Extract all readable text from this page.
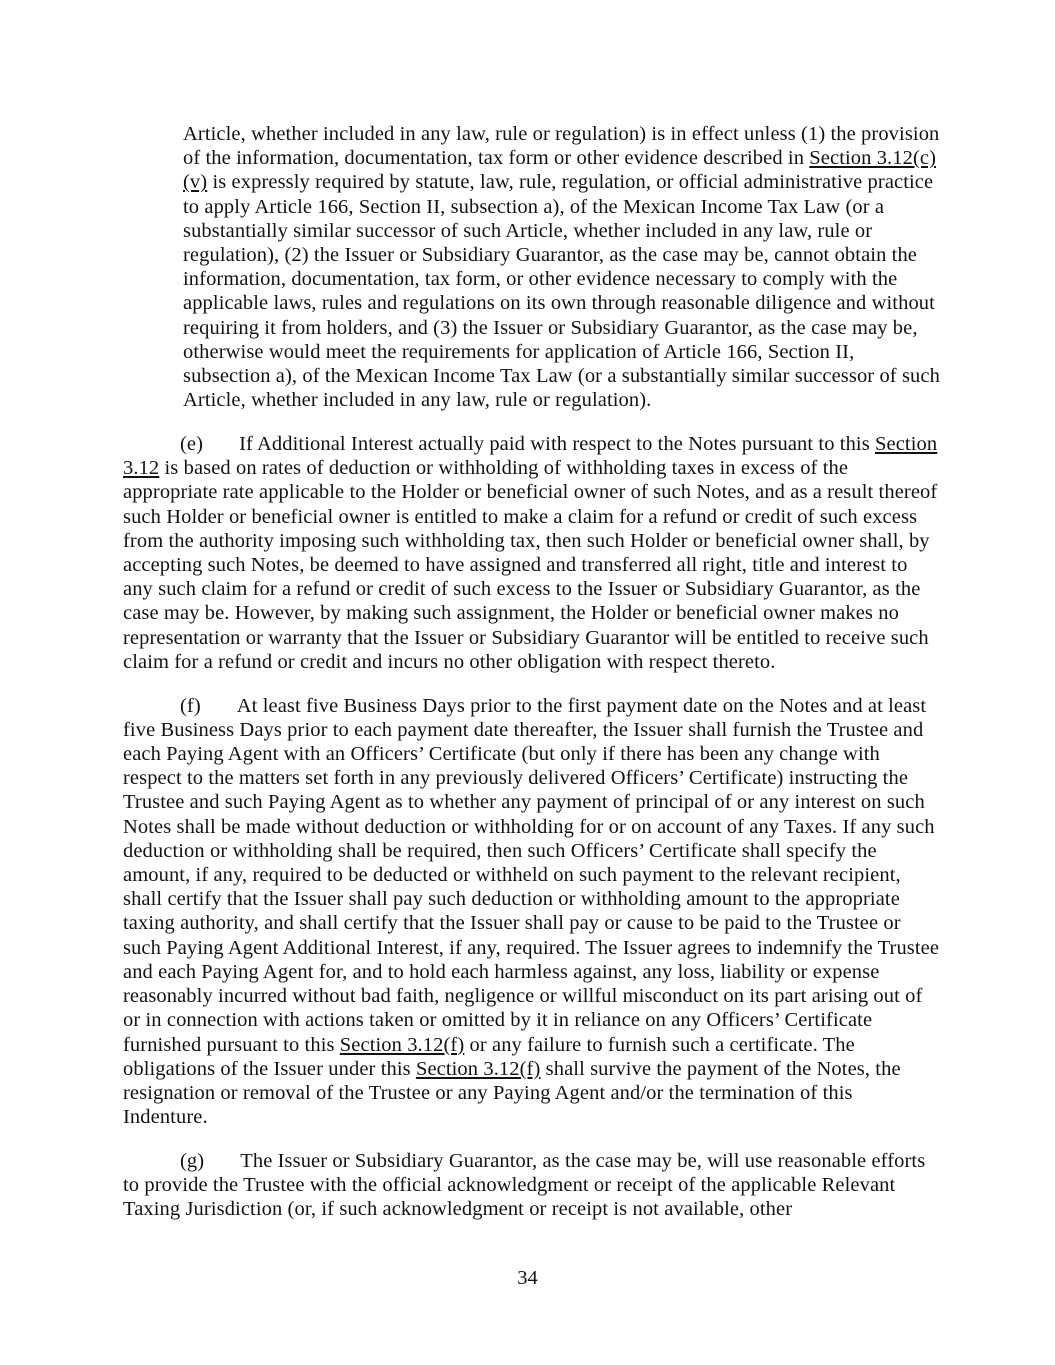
Article, whether included in any law, rule or regulation) is in effect unless (1) the provision of the information, documentation, tax form or other evidence described in Section 3.12(c)(v) is expressly required by statute, law, rule, regulation, or official administrative practice to apply Article 166, Section II, subsection a), of the Mexican Income Tax Law (or a substantially similar successor of such Article, whether included in any law, rule or regulation), (2) the Issuer or Subsidiary Guarantor, as the case may be, cannot obtain the information, documentation, tax form, or other evidence necessary to comply with the applicable laws, rules and regulations on its own through reasonable diligence and without requiring it from holders, and (3) the Issuer or Subsidiary Guarantor, as the case may be, otherwise would meet the requirements for application of Article 166, Section II, subsection a), of the Mexican Income Tax Law (or a substantially similar successor of such Article, whether included in any law, rule or regulation).

(e) If Additional Interest actually paid with respect to the Notes pursuant to this Section 3.12 is based on rates of deduction or withholding of withholding taxes in excess of the appropriate rate applicable to the Holder or beneficial owner of such Notes, and as a result thereof such Holder or beneficial owner is entitled to make a claim for a refund or credit of such excess from the authority imposing such withholding tax, then such Holder or beneficial owner shall, by accepting such Notes, be deemed to have assigned and transferred all right, title and interest to any such claim for a refund or credit of such excess to the Issuer or Subsidiary Guarantor, as the case may be. However, by making such assignment, the Holder or beneficial owner makes no representation or warranty that the Issuer or Subsidiary Guarantor will be entitled to receive such claim for a refund or credit and incurs no other obligation with respect thereto.

(f) At least five Business Days prior to the first payment date on the Notes and at least five Business Days prior to each payment date thereafter, the Issuer shall furnish the Trustee and each Paying Agent with an Officers’ Certificate (but only if there has been any change with respect to the matters set forth in any previously delivered Officers’ Certificate) instructing the Trustee and such Paying Agent as to whether any payment of principal of or any interest on such Notes shall be made without deduction or withholding for or on account of any Taxes. If any such deduction or withholding shall be required, then such Officers’ Certificate shall specify the amount, if any, required to be deducted or withheld on such payment to the relevant recipient, shall certify that the Issuer shall pay such deduction or withholding amount to the appropriate taxing authority, and shall certify that the Issuer shall pay or cause to be paid to the Trustee or such Paying Agent Additional Interest, if any, required. The Issuer agrees to indemnify the Trustee and each Paying Agent for, and to hold each harmless against, any loss, liability or expense reasonably incurred without bad faith, negligence or willful misconduct on its part arising out of or in connection with actions taken or omitted by it in reliance on any Officers’ Certificate furnished pursuant to this Section 3.12(f) or any failure to furnish such a certificate. The obligations of the Issuer under this Section 3.12(f) shall survive the payment of the Notes, the resignation or removal of the Trustee or any Paying Agent and/or the termination of this Indenture.

(g) The Issuer or Subsidiary Guarantor, as the case may be, will use reasonable efforts to provide the Trustee with the official acknowledgment or receipt of the applicable Relevant Taxing Jurisdiction (or, if such acknowledgment or receipt is not available, other

34
